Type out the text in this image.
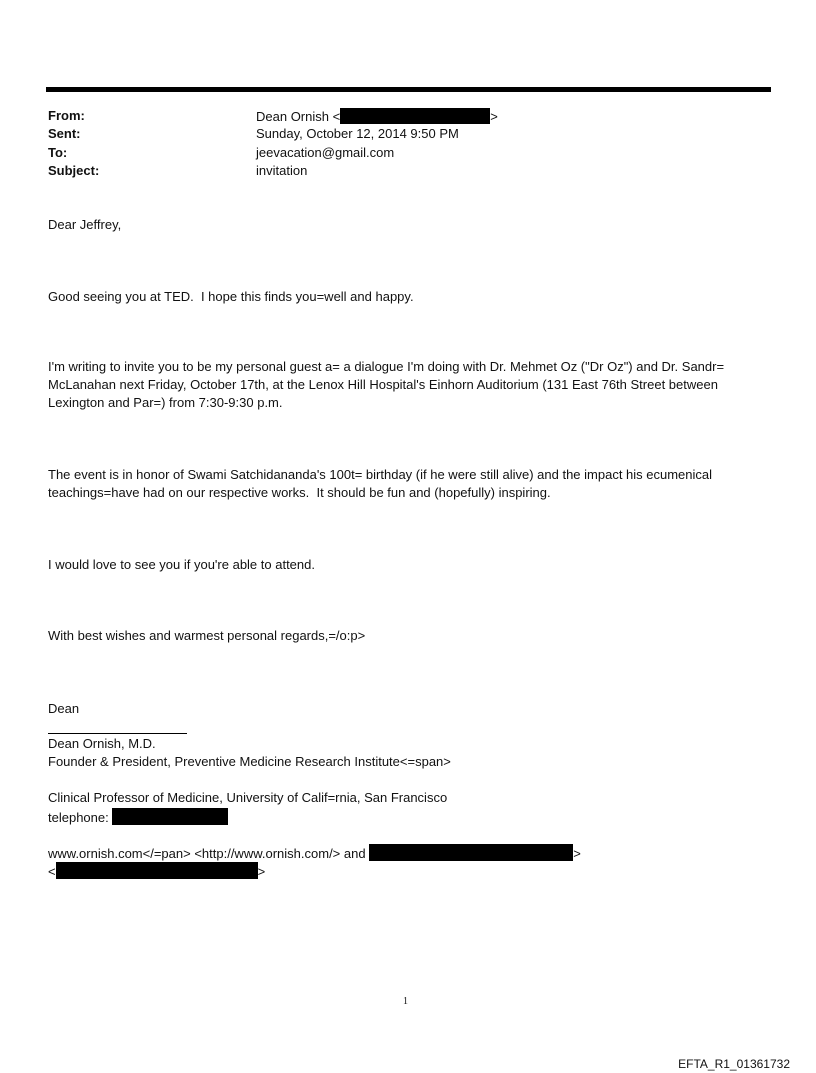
From:	Dean Ornish <	>
Sent:	Sunday, October 12, 2014 9:50 PM
To:	jeevacation@gmail.com
Subject:	invitation

Dear Jeffrey,

Good seeing you at TED.  I hope this finds you=well and happy.

I'm writing to invite you to be my personal guest a= a dialogue I'm doing with Dr. Mehmet Oz ("Dr Oz") and Dr. Sandr= McLanahan next Friday, October 17th, at the Lenox Hill Hospital's Einhorn Auditorium (131 East 76th Street between Lexington and Par=) from 7:30-9:30 p.m.

The event is in honor of Swami Satchidananda's 100t= birthday (if he were still alive) and the impact his ecumenical teachings=have had on our respective works.  It should be fun and (hopefully) inspiring.

I would love to see you if you're able to attend.

With best wishes and warmest personal regards,=/o:p>

Dean

Dean Ornish, M.D.
Founder & President, Preventive Medicine Research Institute<=span>
Clinical Professor of Medicine, University of Calif=rnia, San Francisco
telephone:
www.ornish.com</=pan> <http://www.ornish.com/> and	>
<	>
1
EFTA_R1_01361732
